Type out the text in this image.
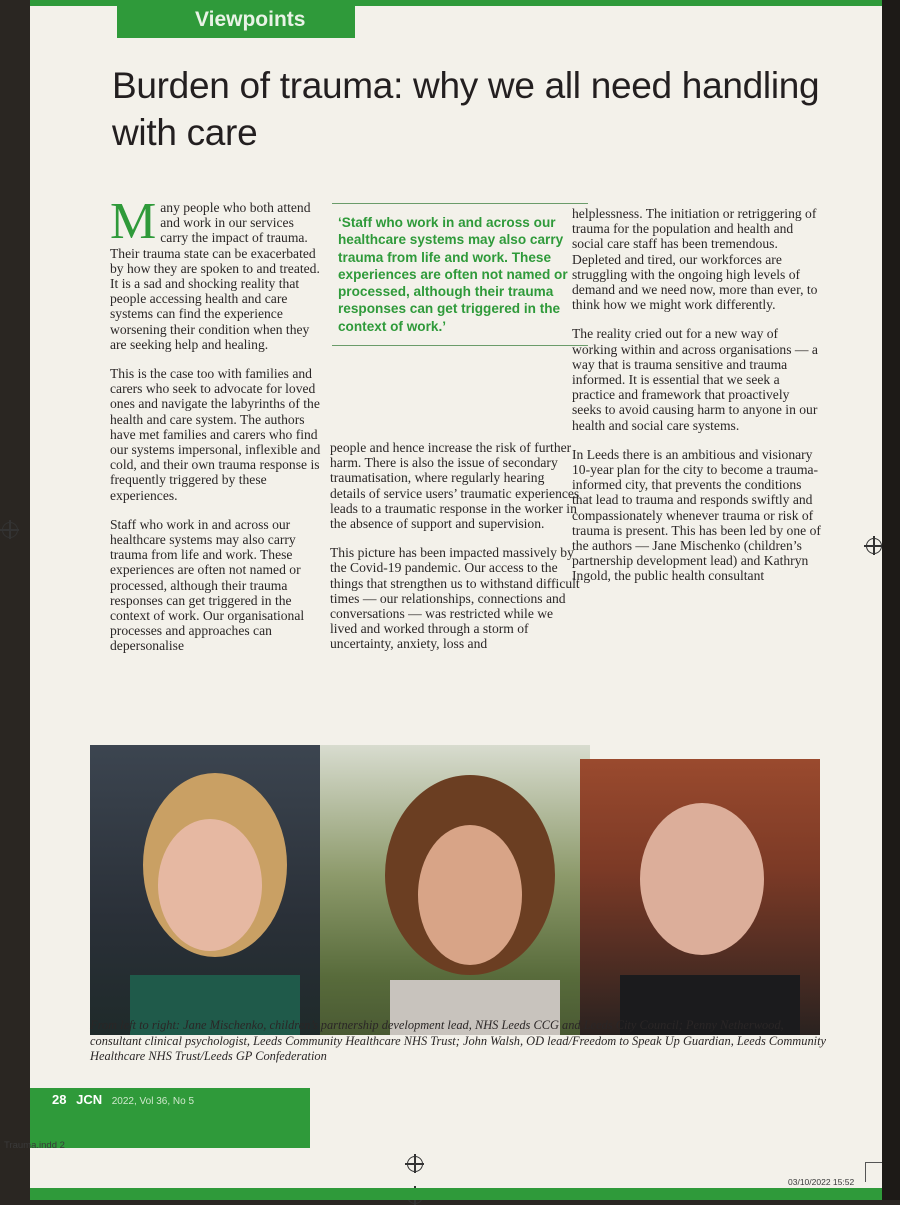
Viewpoints
Burden of trauma: why we all need handling with care

Many people who both attend and work in our services carry the impact of trauma. Their trauma state can be exacerbated by how they are spoken to and treated. It is a sad and shocking reality that people accessing health and care systems can find the experience worsening their condition when they are seeking help and healing.

This is the case too with families and carers who seek to advocate for loved ones and navigate the labyrinths of the health and care system. The authors have met families and carers who find our systems impersonal, inflexible and cold, and their own trauma response is frequently triggered by these experiences.

Staff who work in and across our healthcare systems may also carry trauma from life and work. These experiences are often not named or processed, although their trauma responses can get triggered in the context of work. Our organisational processes and approaches can depersonalise

‘Staff who work in and across our healthcare systems may also carry trauma from life and work. These experiences are often not named or processed, although their trauma responses can get triggered in the context of work.’

people and hence increase the risk of further harm. There is also the issue of secondary traumatisation, where regularly hearing details of service users’ traumatic experiences leads to a traumatic response in the worker in the absence of support and supervision.

This picture has been impacted massively by the Covid-19 pandemic. Our access to the things that strengthen us to withstand difficult times — our relationships, connections and conversations — was restricted while we lived and worked through a storm of uncertainty, anxiety, loss and

helplessness. The initiation or retriggering of trauma for the population and health and social care staff has been tremendous. Depleted and tired, our workforces are struggling with the ongoing high levels of demand and we need now, more than ever, to think how we might work differently.

The reality cried out for a new way of working within and across organisations — a way that is trauma sensitive and trauma informed. It is essential that we seek a practice and framework that proactively seeks to avoid causing harm to anyone in our health and social care systems.

In Leeds there is an ambitious and visionary 10-year plan for the city to become a trauma-informed city, that prevents the conditions that lead to trauma and responds swiftly and compassionately whenever trauma or risk of trauma is present. This has been led by one of the authors — Jane Mischenko (children’s partnership development lead) and Kathryn Ingold, the public health consultant

From left to right: Jane Mischenko, children’s partnership development lead, NHS Leeds CCG and Leeds City Council; Penny Netherwood, consultant clinical psychologist, Leeds Community Healthcare NHS Trust; John Walsh, OD lead/Freedom to Speak Up Guardian, Leeds Community Healthcare NHS Trust/Leeds GP Confederation
28 JCN 2022, Vol 36, No 5
Trauma.indd 2
03/10/2022 15:52
